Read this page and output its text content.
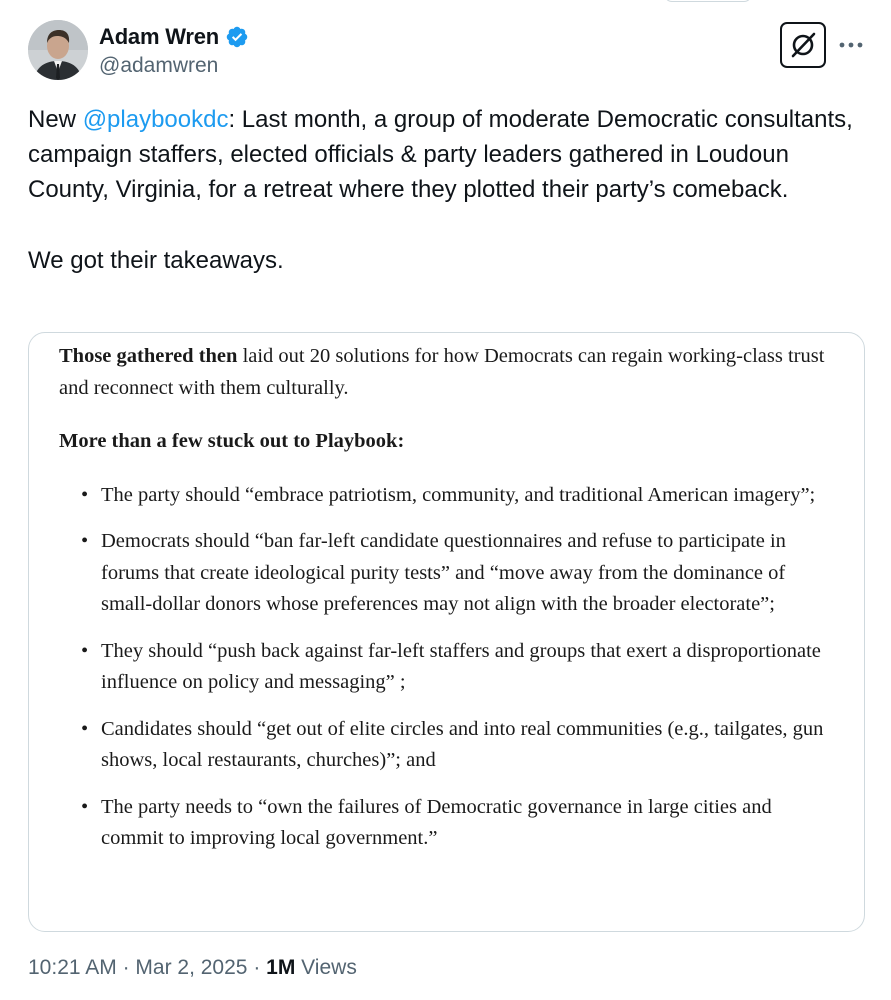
Adam Wren
@adamwren

New @playbookdc: Last month, a group of moderate Democratic consultants, campaign staffers, elected officials & party leaders gathered in Loudoun County, Virginia, for a retreat where they plotted their party’s comeback.

We got their takeaways.

Those gathered then laid out 20 solutions for how Democrats can regain working-class trust and reconnect with them culturally.

More than a few stuck out to Playbook:

• The party should “embrace patriotism, community, and traditional American imagery”;
• Democrats should “ban far-left candidate questionnaires and refuse to participate in forums that create ideological purity tests” and “move away from the dominance of small-dollar donors whose preferences may not align with the broader electorate”;
• They should “push back against far-left staffers and groups that exert a disproportionate influence on policy and messaging” ;
• Candidates should “get out of elite circles and into real communities (e.g., tailgates, gun shows, local restaurants, churches)”; and
• The party needs to “own the failures of Democratic governance in large cities and commit to improving local government.”
10:21 AM · Mar 2, 2025 · 1M Views
